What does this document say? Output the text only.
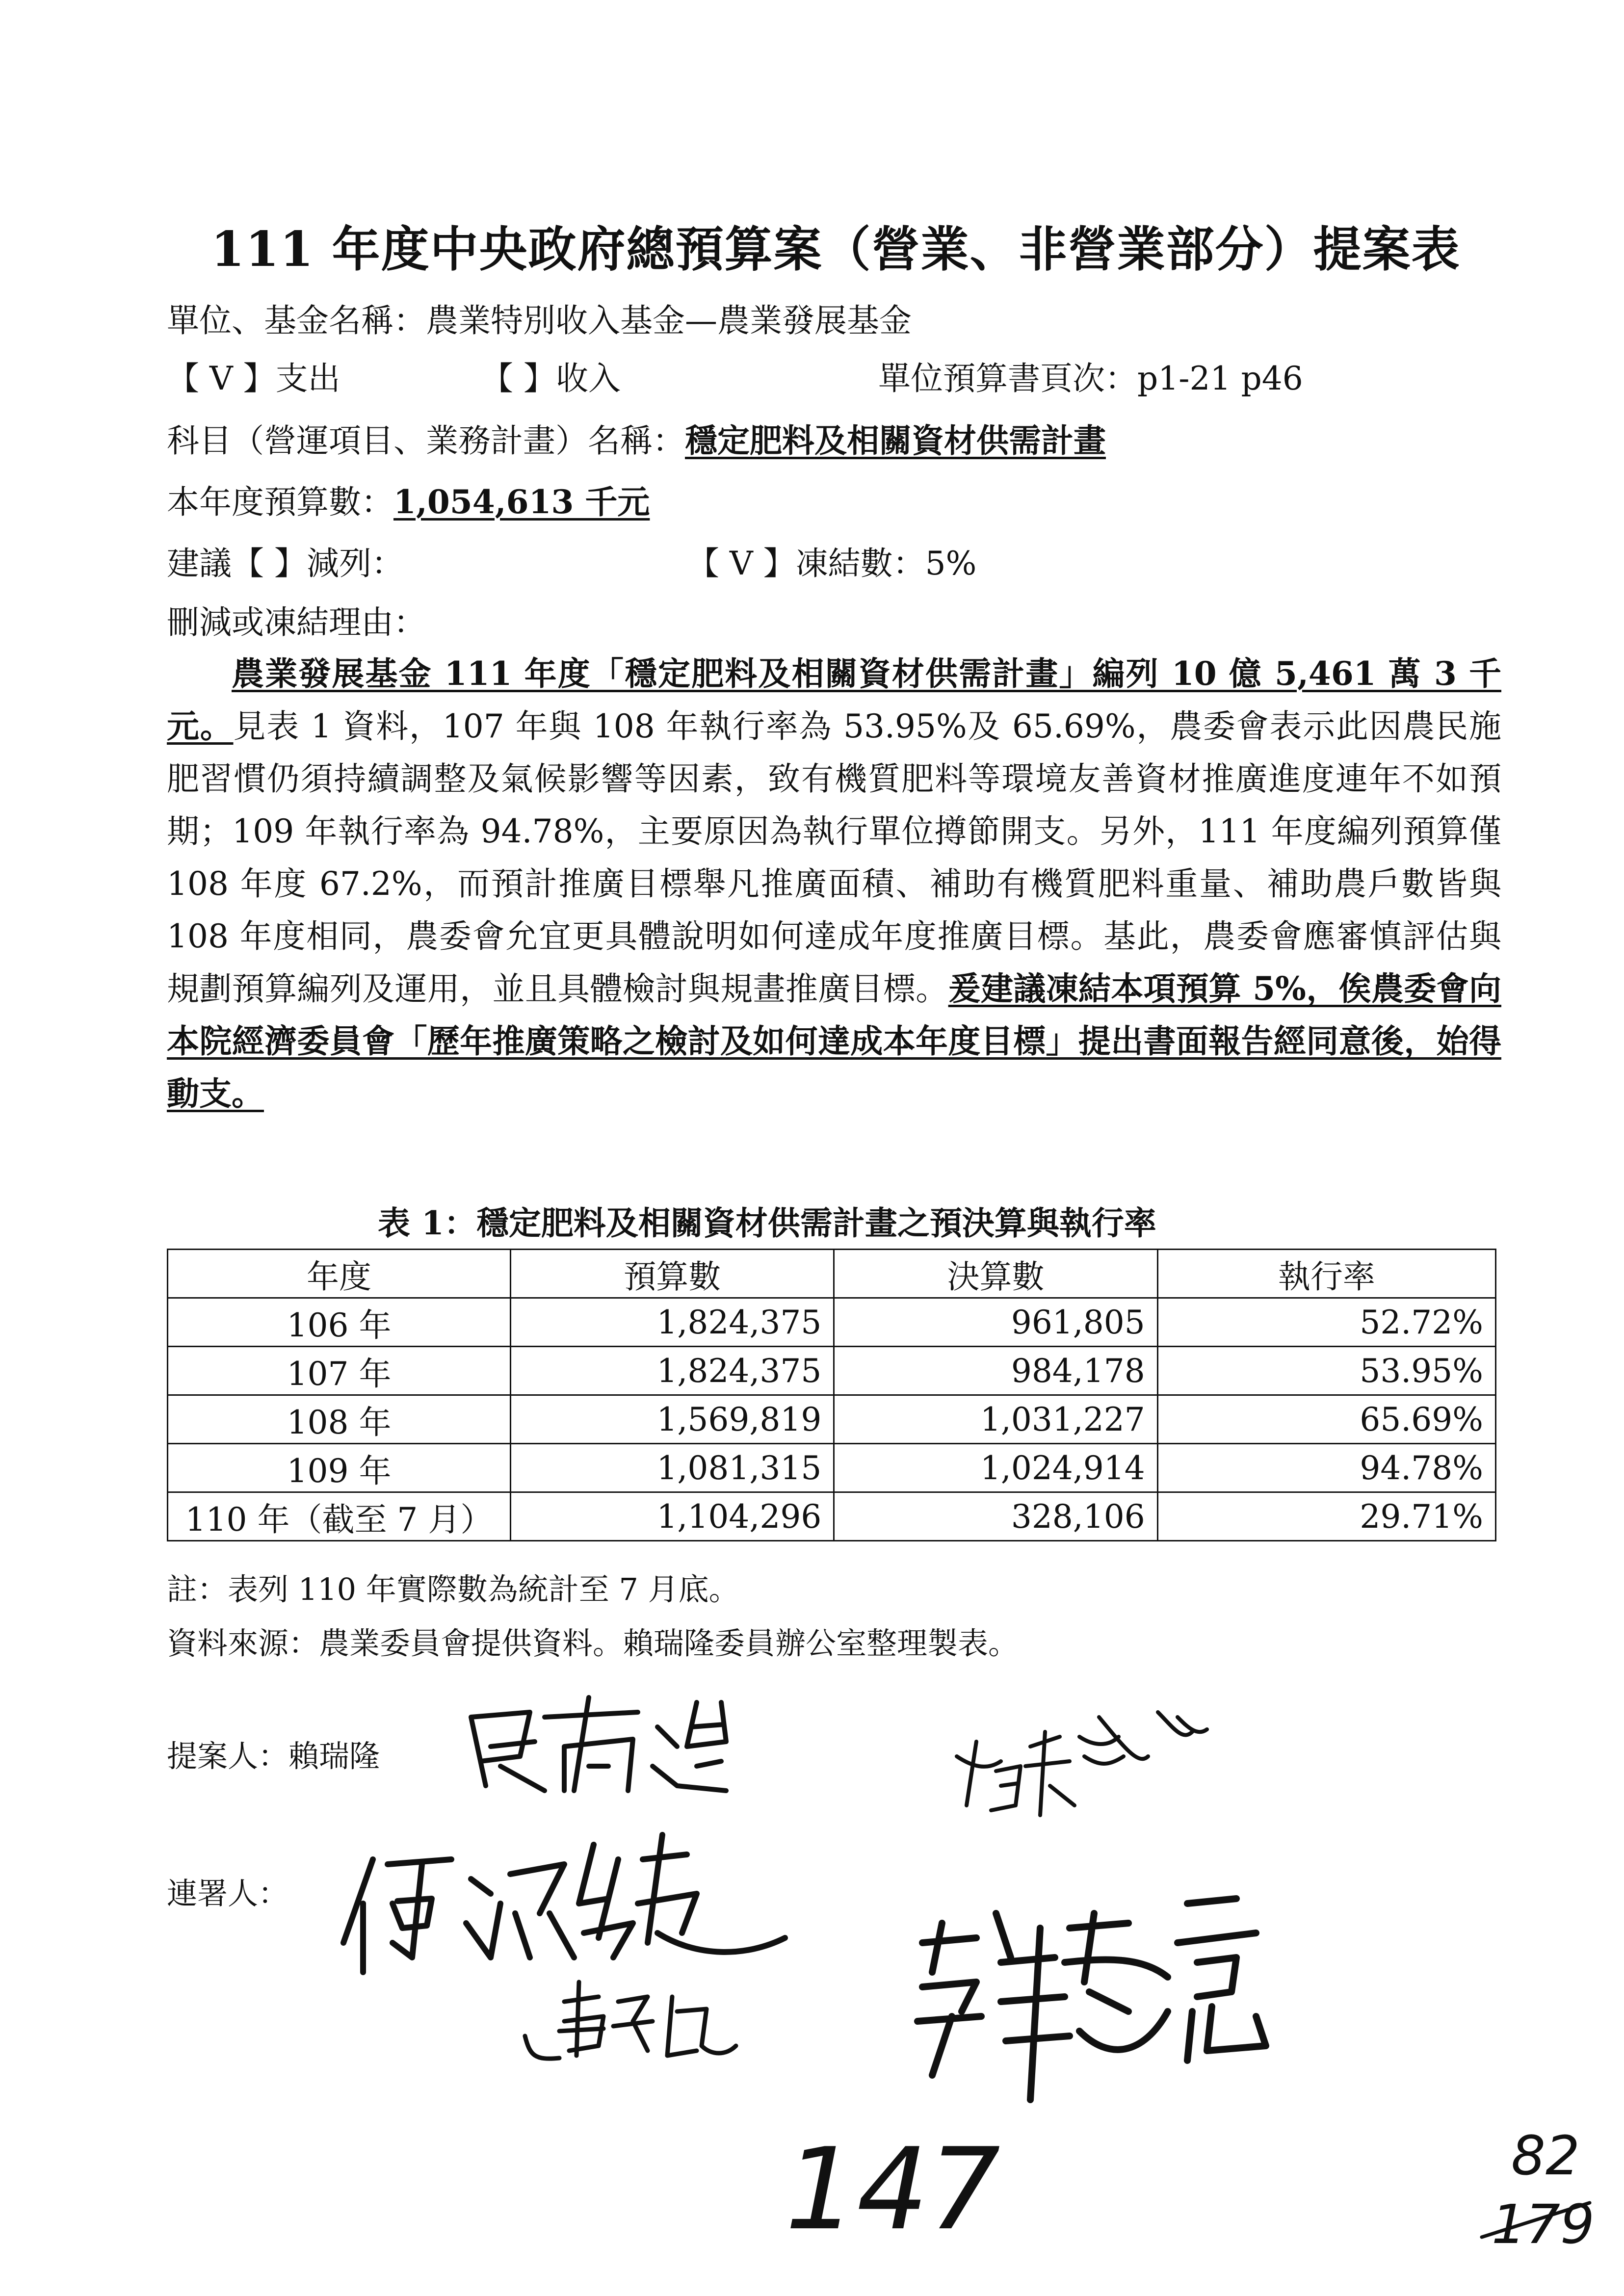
111 年度中央政府總預算案（營業、非營業部分）提案表
單位、基金名稱：農業特別收入基金—農業發展基金
【 V 】支出	【 】收入	單位預算書頁次：p1-21 p46
科目（營運項目、業務計畫）名稱：穩定肥料及相關資材供需計畫
本年度預算數：1,054,613 千元
建議【 】減列：	【 V 】凍結數：5%
刪減或凍結理由：
農業發展基金 111 年度「穩定肥料及相關資材供需計畫」編列 10 億 5,461 萬 3 千元。見表 1 資料，107 年與 108 年執行率為 53.95%及 65.69%，農委會表示此因農民施肥習慣仍須持續調整及氣候影響等因素，致有機質肥料等環境友善資材推廣進度連年不如預期；109 年執行率為 94.78%，主要原因為執行單位撙節開支。另外，111 年度編列預算僅 108 年度 67.2%，而預計推廣目標舉凡推廣面積、補助有機質肥料重量、補助農戶數皆與 108 年度相同，農委會允宜更具體說明如何達成年度推廣目標。基此，農委會應審慎評估與規劃預算編列及運用，並且具體檢討與規畫推廣目標。爰建議凍結本項預算 5%，俟農委會向本院經濟委員會「歷年推廣策略之檢討及如何達成本年度目標」提出書面報告經同意後，始得動支。
表 1：穩定肥料及相關資材供需計畫之預決算與執行率
年度	預算數	決算數	執行率
106 年	1,824,375	961,805	52.72%
107 年	1,824,375	984,178	53.95%
108 年	1,569,819	1,031,227	65.69%
109 年	1,081,315	1,024,914	94.78%
110 年（截至 7 月）	1,104,296	328,106	29.71%
註：表列 110 年實際數為統計至 7 月底。
資料來源：農業委員會提供資料。賴瑞隆委員辦公室整理製表。
提案人：賴瑞隆
連署人：
147	82
179
